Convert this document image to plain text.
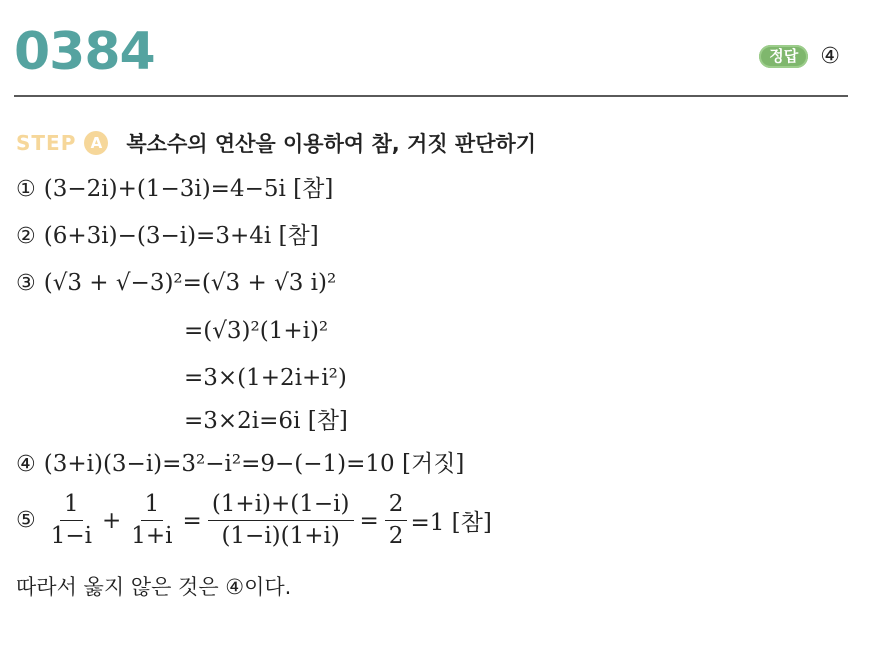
0384	정답	④
STEP A 복소수의 연산을 이용하여 참, 거짓 판단하기
① (3−2i)+(1−3i)=4−5i [참]
② (6+3i)−(3−i)=3+4i [참]
③ (√3 + √−3)²=(√3 + √3 i)²
=(√3)²(1+i)²
=3×(1+2i+i²)
=3×2i=6i [참]
④ (3+i)(3−i)=3²−i²=9−(−1)=10 [거짓]
⑤ $\frac{1}{1-i} + \frac{1}{1+i} = \frac{(1+i)+(1-i)}{(1-i)(1+i)} = \frac{2}{2} =1$ [참]
따라서 옳지 않은 것은 ④이다.
